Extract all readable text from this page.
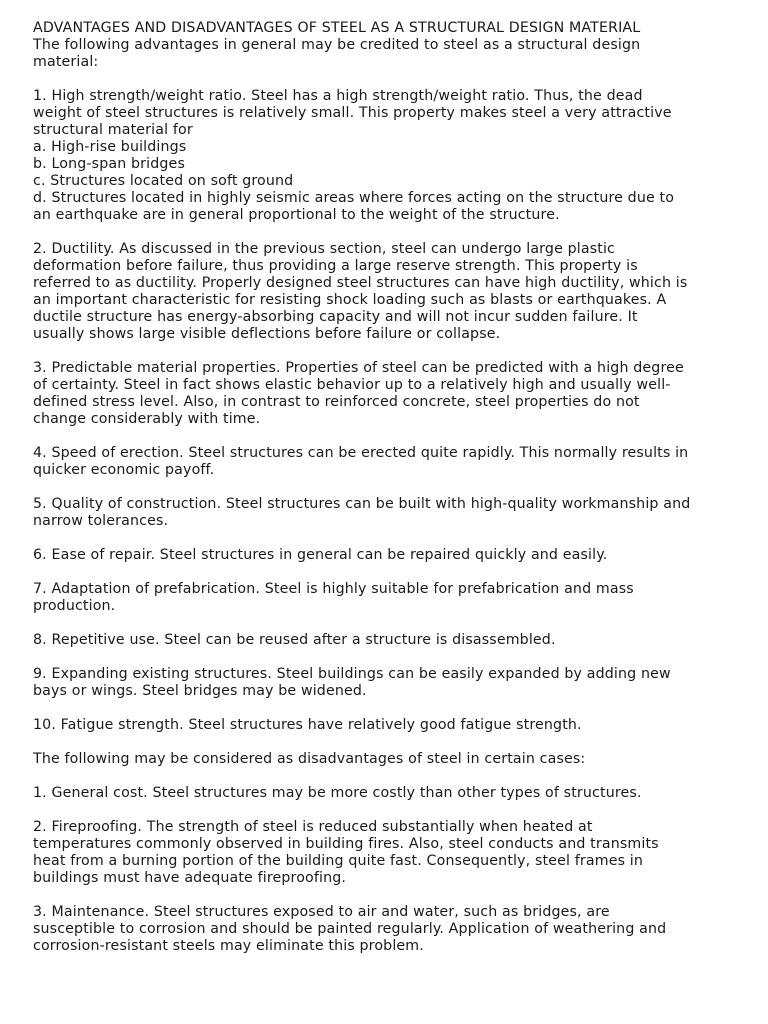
ADVANTAGES AND DISADVANTAGES OF STEEL AS A STRUCTURAL DESIGN MATERIAL
The following advantages in general may be credited to steel as a structural design
material:
1. High strength/weight ratio. Steel has a high strength/weight ratio. Thus, the dead
weight of steel structures is relatively small. This property makes steel a very attractive
structural material for
a. High-rise buildings
b. Long-span bridges
c. Structures located on soft ground
d. Structures located in highly seismic areas where forces acting on the structure due to
an earthquake are in general proportional to the weight of the structure.
2. Ductility. As discussed in the previous section, steel can undergo large plastic
deformation before failure, thus providing a large reserve strength. This property is
referred to as ductility. Properly designed steel structures can have high ductility, which is
an important characteristic for resisting shock loading such as blasts or earthquakes. A
ductile structure has energy-absorbing capacity and will not incur sudden failure. It
usually shows large visible deflections before failure or collapse.
3. Predictable material properties. Properties of steel can be predicted with a high degree
of certainty. Steel in fact shows elastic behavior up to a relatively high and usually well-
defined stress level. Also, in contrast to reinforced concrete, steel properties do not
change considerably with time.
4. Speed of erection. Steel structures can be erected quite rapidly. This normally results in
quicker economic payoff.
5. Quality of construction. Steel structures can be built with high-quality workmanship and
narrow tolerances.
6. Ease of repair. Steel structures in general can be repaired quickly and easily.
7. Adaptation of prefabrication. Steel is highly suitable for prefabrication and mass
production.
8. Repetitive use. Steel can be reused after a structure is disassembled.
9. Expanding existing structures. Steel buildings can be easily expanded by adding new
bays or wings. Steel bridges may be widened.
10. Fatigue strength. Steel structures have relatively good fatigue strength.
The following may be considered as disadvantages of steel in certain cases:
1. General cost. Steel structures may be more costly than other types of structures.
2. Fireproofing. The strength of steel is reduced substantially when heated at
temperatures commonly observed in building fires. Also, steel conducts and transmits
heat from a burning portion of the building quite fast. Consequently, steel frames in
buildings must have adequate fireproofing.
3. Maintenance. Steel structures exposed to air and water, such as bridges, are
susceptible to corrosion and should be painted regularly. Application of weathering and
corrosion-resistant steels may eliminate this problem.
